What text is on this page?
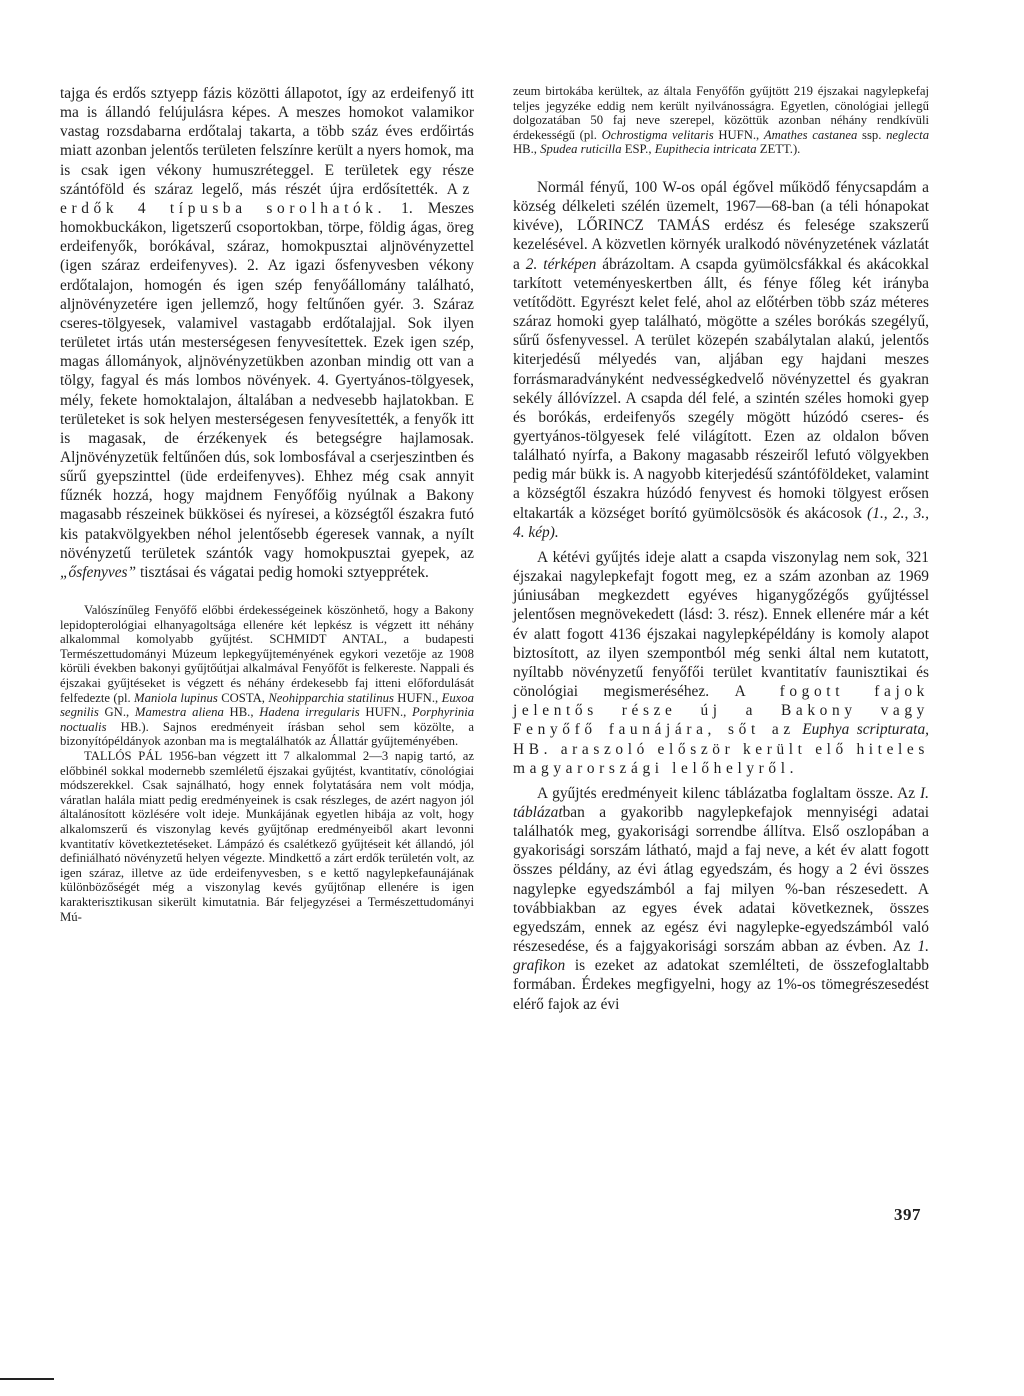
tajga és erdős sztyepp fázis közötti állapotot, így az erdeifenyő itt ma is állandó felújulásra képes. A meszes homokot valamikor vastag rozsdabarna erdőtalaj takarta, a több száz éves erdőirtás miatt azonban jelentős területen felszínre került a nyers homok, ma is csak igen vékony humuszréteggel. E területek egy része szántóföld és száraz legelő, más részét újra erdősítették. Az erdők 4 típusba sorolhatók. 1. Meszes homokbuckákon, ligetszerű csoportokban, törpe, földig ágas, öreg erdeifenyők, borókával, száraz, homokpusztai aljnövényzettel (igen száraz erdeifenyves). 2. Az igazi ősfenyvesben vékony erdőtalajon, homogén és igen szép fenyőállomány található, aljnövényzetére igen jellemző, hogy feltűnően gyér. 3. Száraz cseres-tölgyesek, valamivel vastagabb erdőtalajjal. Sok ilyen területet irtás után mesterségesen fenyvesítettek. Ezek igen szép, magas állományok, aljnövényzetükben azonban mindig ott van a tölgy, fagyal és más lombos növények. 4. Gyertyános-tölgyesek, mély, fekete homoktalajon, általában a nedvesebb hajlatokban. E területeket is sok helyen mesterségesen fenyvesítették, a fenyők itt is magasak, de érzékenyek és betegségre hajlamosak. Aljnövényzetük feltűnően dús, sok lombosfával a cserjeszintben és sűrű gyepszinttel (üde erdeifenyves). Ehhez még csak annyit fűznék hozzá, hogy majdnem Fenyőfőig nyúlnak a Bakony magasabb részeinek bükkösei és nyíresei, a községtől északra futó kis patakvölgyekben néhol jelentősebb égeresek vannak, a nyílt növényzetű területek szántók vagy homokpusztai gyepek, az „ősfenyves” tisztásai és vágatai pedig homoki sztyepprétek.

Valószínűleg Fenyőfő előbbi érdekességeinek köszönhető, hogy a Bakony lepidopterológiai elhanyagoltsága ellenére két lepkész is végzett itt néhány alkalommal komolyabb gyűjtést. SCHMIDT ANTAL, a budapesti Természettudományi Múzeum lepkegyűjteményének egykori vezetője az 1908 körüli években bakonyi gyűjtőútjai alkalmával Fenyőfőt is felkereste. Nappali és éjszakai gyűjtéseket is végzett és néhány érdekesebb faj itteni előfordulását felfedezte (pl. Maniola lupinus COSTA, Neohipparchia statilinus HUFN., Euxoa segnilis GN., Mamestra aliena HB., Hadena irregularis HUFN., Porphyrinia noctualis HB.). Sajnos eredményeit írásban sehol sem közölte, a bizonyítópéldányok azonban ma is megtalálhatók az Állattár gyűjteményében.

TALLÓS PÁL 1956-ban végzett itt 7 alkalommal 2—3 napig tartó, az előbbinél sokkal modernebb szemléletű éjszakai gyűjtést, kvantitatív, cönológiai módszerekkel. Csak sajnálható, hogy ennek folytatására nem volt módja, váratlan halála miatt pedig eredményeinek is csak részleges, de azért nagyon jól általánosított közlésére volt ideje. Munkájának egyetlen hibája az volt, hogy alkalomszerű és viszonylag kevés gyűjtőnap eredményeiből akart levonni kvantitatív következtetéseket. Lámpázó és csalétkező gyűjtéseit két állandó, jól definiálható növényzetű helyen végezte. Mindkettő a zárt erdők területén volt, az igen száraz, illetve az üde erdeifenyvesben, s e kettő nagylepkefaunájának különbözőségét még a viszonylag kevés gyűjtőnap ellenére is igen karakterisztikusan sikerült kimutatnia. Bár feljegyzései a Természettudományi Mú-

zeum birtokába kerültek, az általa Fenyőfőn gyűjtött 219 éjszakai nagylepkefaj teljes jegyzéke eddig nem került nyilvánosságra. Egyetlen, cönológiai jellegű dolgozatában 50 faj neve szerepel, közöttük azonban néhány rendkívüli érdekességű (pl. Ochrostigma velitaris HUFN., Amathes castanea ssp. neglecta HB., Spudea ruticilla ESP., Eupithecia intricata ZETT.).

Normál fényű, 100 W-os opál égővel működő fénycsapdám a község délkeleti szélén üzemelt, 1967—68-ban (a téli hónapokat kivéve), LŐRINCZ TAMÁS erdész és felesége szakszerű kezelésével. A közvetlen környék uralkodó növényzetének vázlatát a 2. térképen ábrázoltam. A csapda gyümölcsfákkal és akácokkal tarkított veteményeskertben állt, és fénye főleg két irányba vetítődött. Egyrészt kelet felé, ahol az előtérben több száz méteres száraz homoki gyep található, mögötte a széles borókás szegélyű, sűrű ősfenyvessel. A terület közepén szabálytalan alakú, jelentős kiterjedésű mélyedés van, aljában egy hajdani meszes forrásmaradványként nedvességkedvelő növényzettel és gyakran sekély állóvízzel. A csapda dél felé, a szintén széles homoki gyep és borókás, erdeifenyős szegély mögött húzódó cseres- és gyertyános-tölgyesek felé világított. Ezen az oldalon bőven található nyírfa, a Bakony magasabb részeiről lefutó völgyekben pedig már bükk is. A nagyobb kiterjedésű szántóföldeket, valamint a községtől északra húzódó fenyvest és homoki tölgyest erősen eltakarták a községet borító gyümölcsösök és akácosok (1., 2., 3., 4. kép).

A kétévi gyűjtés ideje alatt a csapda viszonylag nem sok, 321 éjszakai nagylepkefajt fogott meg, ez a szám azonban az 1969 júniusában megkezdett egyéves higanygőzégős gyűjtéssel jelentősen megnövekedett (lásd: 3. rész). Ennek ellenére már a két év alatt fogott 4136 éjszakai nagylepképéldány is komoly alapot biztosított, az ilyen szempontból még senki által nem kutatott, nyíltabb növényzetű fenyőfői terület kvantitatív faunisztikai és cönológiai megismeréséhez. A fogott fajok jelentős része új a Bakony vagy Fenyőfő faunájára, sőt az Euphya scripturata, HB. araszoló először került elő hiteles magyarországi lelőhelyről.

A gyűjtés eredményeit kilenc táblázatba foglaltam össze. Az I. táblázatban a gyakoribb nagylepkefajok mennyiségi adatai találhatók meg, gyakorisági sorrendbe állítva. Első oszlopában a gyakorisági sorszám látható, majd a faj neve, a két év alatt fogott összes példány, az évi átlag egyedszám, és hogy a 2 évi összes nagylepke egyedszámból a faj milyen %-ban részesedett. A továbbiakban az egyes évek adatai következnek, összes egyedszám, ennek az egész évi nagylepke-egyedszámból való részesedése, és a fajgyakorisági sorszám abban az évben. Az 1. grafikon is ezeket az adatokat szemlélteti, de összefoglaltabb formában. Érdekes megfigyelni, hogy az 1%-os tömegrészesedést elérő fajok az évi

397
